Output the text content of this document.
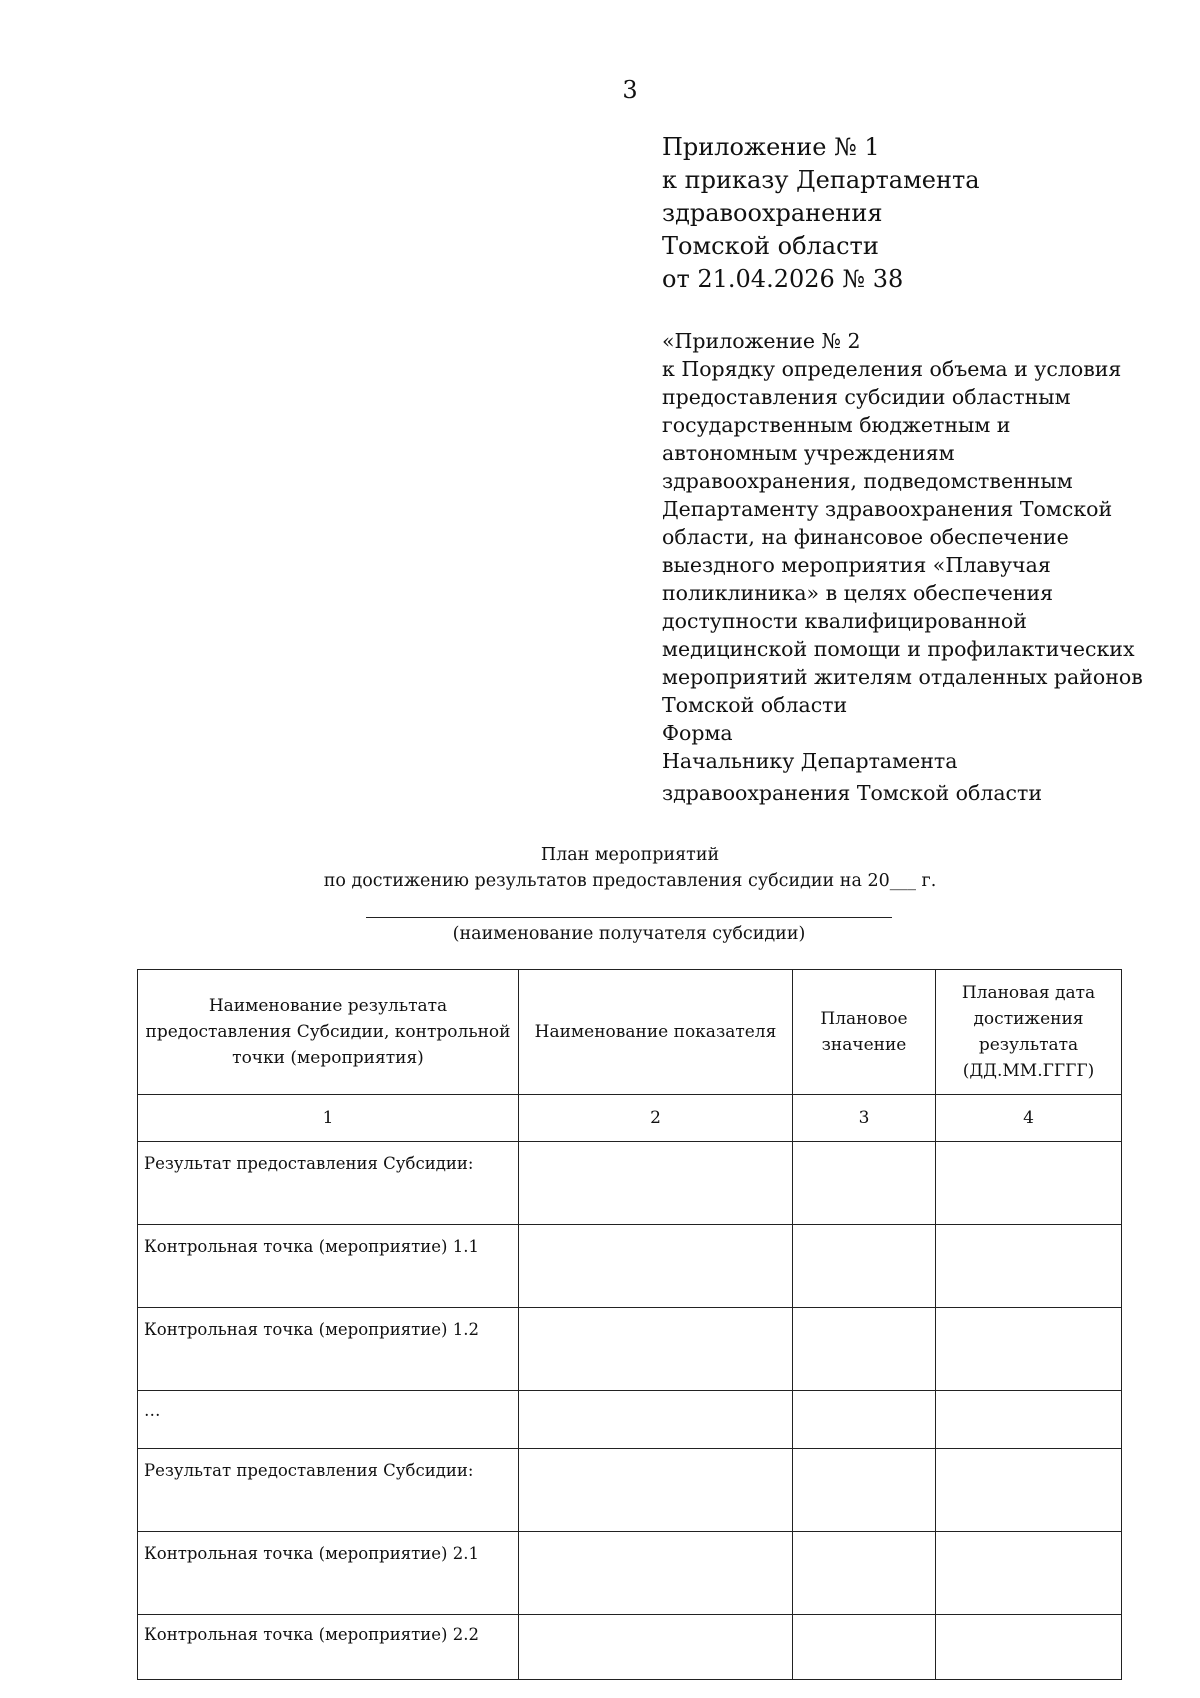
3
Приложение № 1
к приказу Департамента
здравоохранения
Томской области
от 21.04.2026 № 38
«Приложение № 2
к Порядку определения объема и условия
предоставления субсидии областным
государственным бюджетным и
автономным учреждениям
здравоохранения, подведомственным
Департаменту здравоохранения Томской
области, на финансовое обеспечение
выездного мероприятия «Плавучая
поликлиника» в целях обеспечения
доступности квалифицированной
медицинской помощи и профилактических
мероприятий жителям отдаленных районов
Томской области
Форма
Начальнику Департамента
здравоохранения Томской области
План мероприятий
по достижению результатов предоставления субсидии на 20___ г.
(наименование получателя субсидии)
Наименование результата предоставления Субсидии, контрольной точки (мероприятия)	Наименование показателя	Плановое значение	Плановая дата достижения результата (ДД.ММ.ГГГГ)
1	2	3	4
Результат предоставления Субсидии:			
Контрольная точка (мероприятие) 1.1			
Контрольная точка (мероприятие) 1.2			
…			
Результат предоставления Субсидии:			
Контрольная точка (мероприятие) 2.1			
Контрольная точка (мероприятие) 2.2			
